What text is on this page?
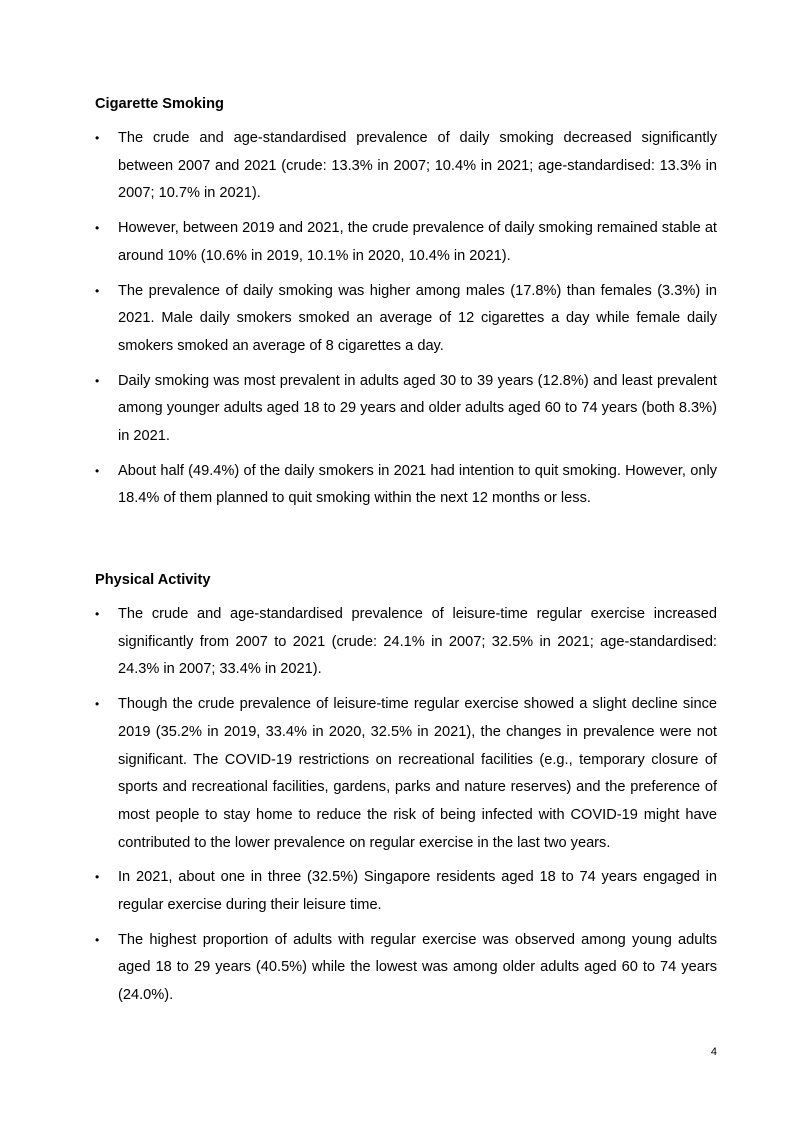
Cigarette Smoking
•	The crude and age-standardised prevalence of daily smoking decreased significantly between 2007 and 2021 (crude: 13.3% in 2007; 10.4% in 2021; age-standardised: 13.3% in 2007; 10.7% in 2021).
•	However, between 2019 and 2021, the crude prevalence of daily smoking remained stable at around 10% (10.6% in 2019, 10.1% in 2020, 10.4% in 2021).
•	The prevalence of daily smoking was higher among males (17.8%) than females (3.3%) in 2021. Male daily smokers smoked an average of 12 cigarettes a day while female daily smokers smoked an average of 8 cigarettes a day.
•	Daily smoking was most prevalent in adults aged 30 to 39 years (12.8%) and least prevalent among younger adults aged 18 to 29 years and older adults aged 60 to 74 years (both 8.3%) in 2021.
•	About half (49.4%) of the daily smokers in 2021 had intention to quit smoking. However, only 18.4% of them planned to quit smoking within the next 12 months or less.
Physical Activity
•	The crude and age-standardised prevalence of leisure-time regular exercise increased significantly from 2007 to 2021 (crude: 24.1% in 2007; 32.5% in 2021; age-standardised: 24.3% in 2007; 33.4% in 2021).
•	Though the crude prevalence of leisure-time regular exercise showed a slight decline since 2019 (35.2% in 2019, 33.4% in 2020, 32.5% in 2021), the changes in prevalence were not significant. The COVID-19 restrictions on recreational facilities (e.g., temporary closure of sports and recreational facilities, gardens, parks and nature reserves) and the preference of most people to stay home to reduce the risk of being infected with COVID-19 might have contributed to the lower prevalence on regular exercise in the last two years.
•	In 2021, about one in three (32.5%) Singapore residents aged 18 to 74 years engaged in regular exercise during their leisure time.
•	The highest proportion of adults with regular exercise was observed among young adults aged 18 to 29 years (40.5%) while the lowest was among older adults aged 60 to 74 years (24.0%).
4
